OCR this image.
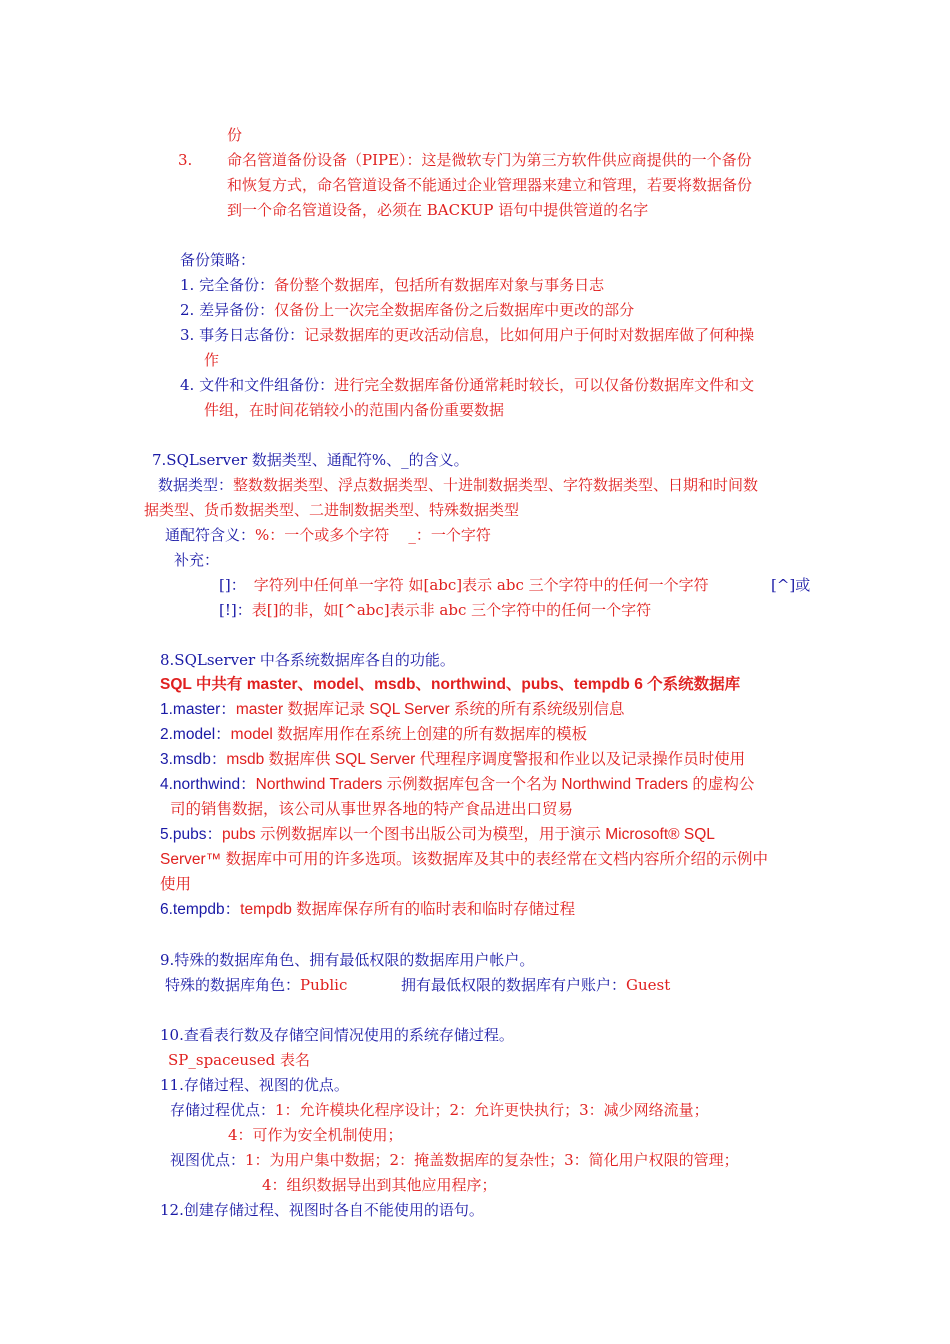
份
3. 命名管道备份设备（PIPE）：这是微软专门为第三方软件供应商提供的一个备份
和恢复方式，命名管道设备不能通过企业管理器来建立和管理，若要将数据备份
到一个命名管道设备，必须在 BACKUP 语句中提供管道的名字
备份策略：
1. 完全备份：备份整个数据库，包括所有数据库对象与事务日志
2. 差异备份：仅备份上一次完全数据库备份之后数据库中更改的部分
3. 事务日志备份：记录数据库的更改活动信息，比如何用户于何时对数据库做了何种操
作
4. 文件和文件组备份：进行完全数据库备份通常耗时较长，可以仅备份数据库文件和文
件组，在时间花销较小的范围内备份重要数据
7.SQLserver 数据类型、通配符%、_的含义。
数据类型：整数数据类型、浮点数据类型、十进制数据类型、字符数据类型、日期和时间数
据类型、货币数据类型、二进制数据类型、特殊数据类型
通配符含义：%：一个或多个字符    _：一个字符
补充：
[]： 字符列中任何单一字符 如[abc]表示 abc 三个字符中的任何一个字符	[^]或
[!]：表[]的非，如[^abc]表示非 abc 三个字符中的任何一个字符
8.SQLserver 中各系统数据库各自的功能。
SQL 中共有 master、model、msdb、northwind、pubs、tempdb 6 个系统数据库
1.master：master 数据库记录 SQL Server 系统的所有系统级别信息
2.model：model 数据库用作在系统上创建的所有数据库的模板
3.msdb：msdb 数据库供 SQL Server 代理程序调度警报和作业以及记录操作员时使用
4.northwind：Northwind Traders 示例数据库包含一个名为 Northwind Traders 的虚构公
司的销售数据，该公司从事世界各地的特产食品进出口贸易
5.pubs：pubs 示例数据库以一个图书出版公司为模型，用于演示 Microsoft® SQL
Server™ 数据库中可用的许多选项。该数据库及其中的表经常在文档内容所介绍的示例中
使用
6.tempdb：tempdb 数据库保存所有的临时表和临时存储过程
9.特殊的数据库角色、拥有最低权限的数据库用户帐户。
特殊的数据库角色：Public	拥有最低权限的数据库有户账户：Guest
10.查看表行数及存储空间情况使用的系统存储过程。
SP_spaceused 表名
11.存储过程、视图的优点。
存储过程优点：1：允许模块化程序设计；2：允许更快执行；3：减少网络流量；
4：可作为安全机制使用；
视图优点：1：为用户集中数据；2：掩盖数据库的复杂性；3：简化用户权限的管理；
4：组织数据导出到其他应用程序；
12.创建存储过程、视图时各自不能使用的语句。
